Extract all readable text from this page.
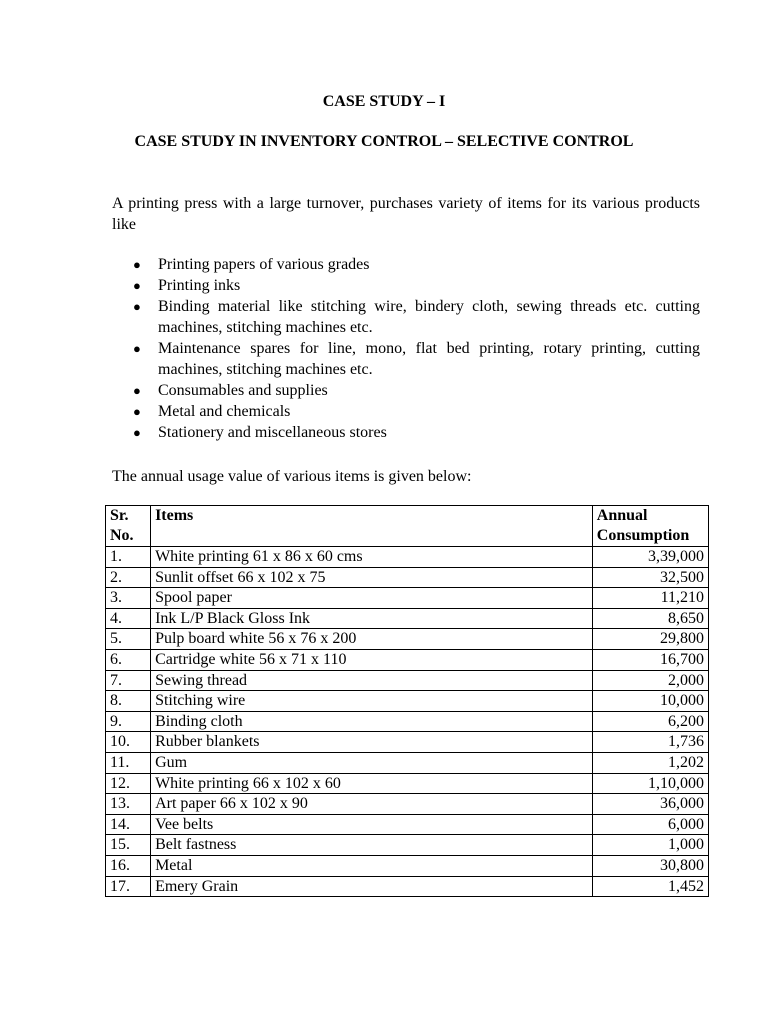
CASE STUDY – I
CASE STUDY IN INVENTORY CONTROL – SELECTIVE CONTROL

A printing press with a large turnover, purchases variety of items for its various products like

● Printing papers of various grades
● Printing inks
● Binding material like stitching wire, bindery cloth, sewing threads etc. cutting machines, stitching machines etc.
● Maintenance spares for line, mono, flat bed printing, rotary printing, cutting machines, stitching machines etc.
● Consumables and supplies
● Metal and chemicals
● Stationery and miscellaneous stores

The annual usage value of various items is given below:

Sr. No.	Items	Annual Consumption
1.	White printing 61 x 86 x 60 cms	3,39,000
2.	Sunlit offset 66 x 102 x 75	32,500
3.	Spool paper	11,210
4.	Ink L/P Black Gloss Ink	8,650
5.	Pulp board white 56 x 76 x 200	29,800
6.	Cartridge white 56 x 71 x 110	16,700
7.	Sewing thread	2,000
8.	Stitching wire	10,000
9.	Binding cloth	6,200
10.	Rubber blankets	1,736
11.	Gum	1,202
12.	White printing 66 x 102 x 60	1,10,000
13.	Art paper 66 x 102 x 90	36,000
14.	Vee belts	6,000
15.	Belt fastness	1,000
16.	Metal	30,800
17.	Emery Grain	1,452
